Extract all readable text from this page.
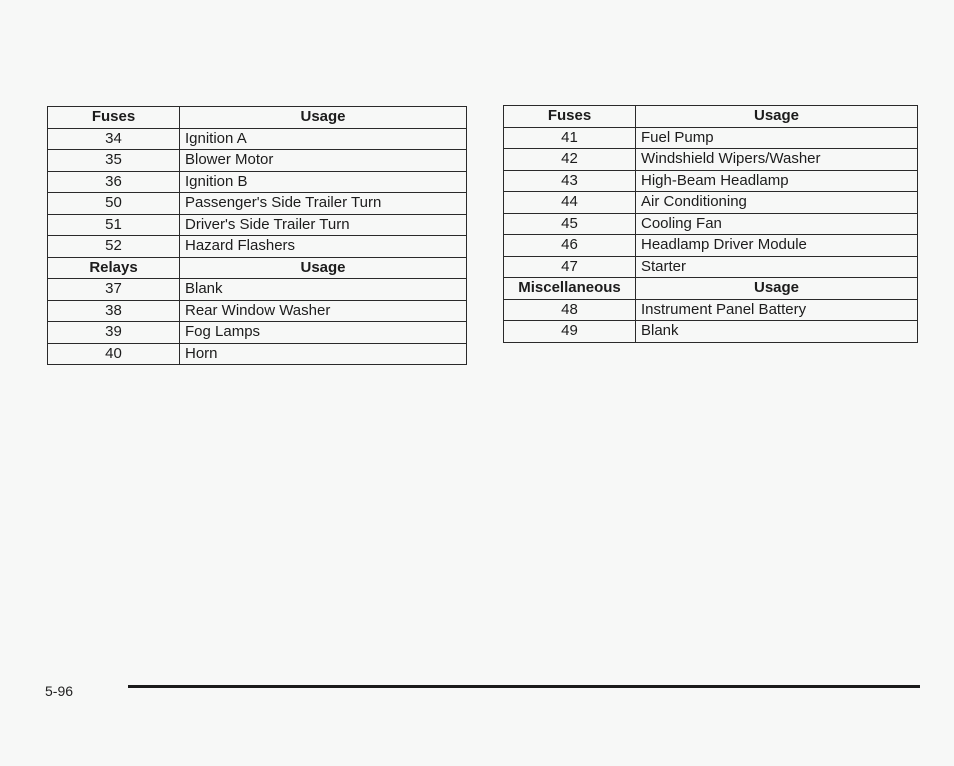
Fuses	Usage
34	Ignition A
35	Blower Motor
36	Ignition B
50	Passenger's Side Trailer Turn
51	Driver's Side Trailer Turn
52	Hazard Flashers
Relays	Usage
37	Blank
38	Rear Window Washer
39	Fog Lamps
40	Horn
Fuses	Usage
41	Fuel Pump
42	Windshield Wipers/Washer
43	High-Beam Headlamp
44	Air Conditioning
45	Cooling Fan
46	Headlamp Driver Module
47	Starter
Miscellaneous	Usage
48	Instrument Panel Battery
49	Blank
5-96
